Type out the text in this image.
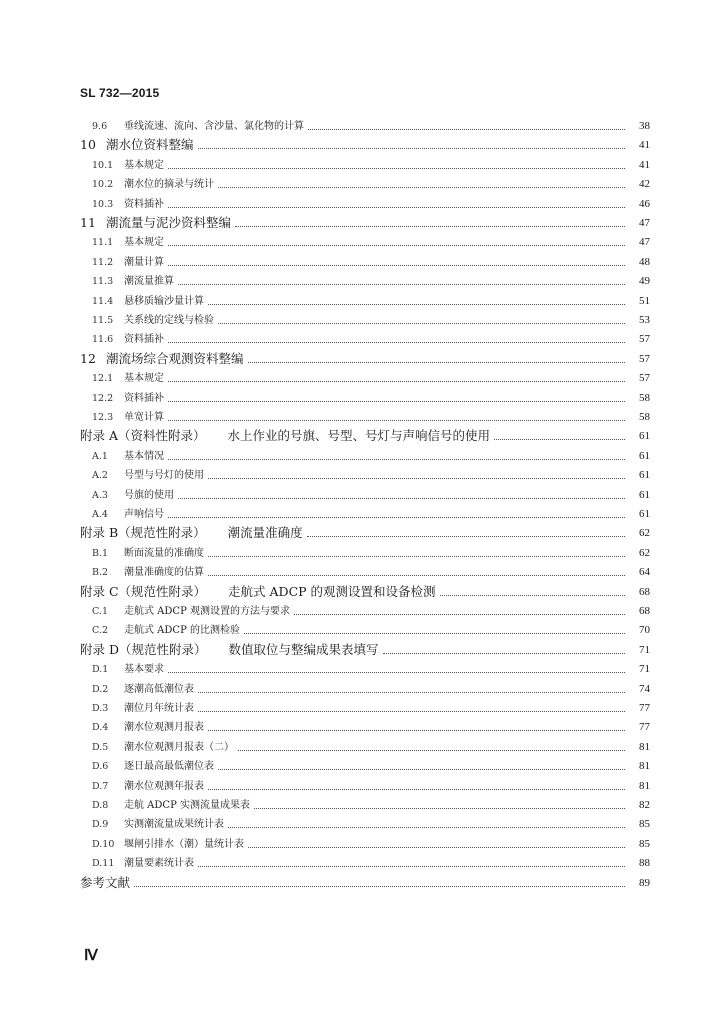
SL 732—2015
9.6	垂线流速、流向、含沙量、氯化物的计算	38
10 潮水位资料整编	41
10.1	基本规定	41
10.2	潮水位的摘录与统计	42
10.3	资料插补	46
11 潮流量与泥沙资料整编	47
11.1	基本规定	47
11.2	潮量计算	48
11.3	潮流量推算	49
11.4	悬移质输沙量计算	51
11.5	关系线的定线与检验	53
11.6	资料插补	57
12 潮流场综合观测资料整编	57
12.1	基本规定	57
12.2	资料插补	58
12.3	单宽计算	58
附录 A（资料性附录） 水上作业的号旗、号型、号灯与声响信号的使用	61
A.1	基本情况	61
A.2	号型与号灯的使用	61
A.3	号旗的使用	61
A.4	声响信号	61
附录 B（规范性附录） 潮流量准确度	62
B.1	断面流量的准确度	62
B.2	潮量准确度的估算	64
附录 C（规范性附录） 走航式 ADCP 的观测设置和设备检测	68
C.1	走航式 ADCP 观测设置的方法与要求	68
C.2	走航式 ADCP 的比测检验	70
附录 D（规范性附录） 数值取位与整编成果表填写	71
D.1	基本要求	71
D.2	逐潮高低潮位表	74
D.3	潮位月年统计表	77
D.4	潮水位观测月报表	77
D.5	潮水位观测月报表（二）	81
D.6	逐日最高最低潮位表	81
D.7	潮水位观测年报表	81
D.8	走航 ADCP 实测流量成果表	82
D.9	实测潮流量成果统计表	85
D.10 堰闸引排水（潮）量统计表	85
D.11 潮量要素统计表	88
参考文献	89
Ⅳ
